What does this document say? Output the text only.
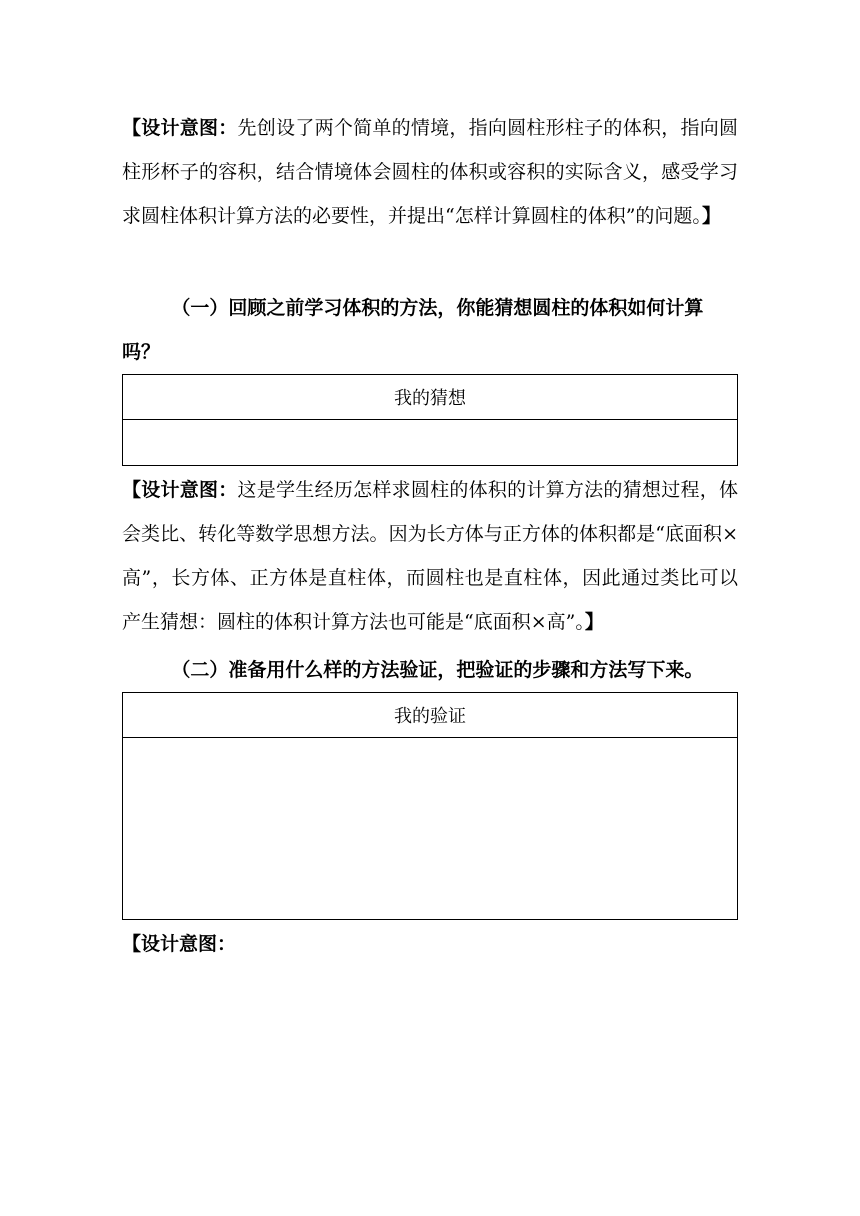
【设计意图：先创设了两个简单的情境，指向圆柱形柱子的体积，指向圆柱形杯子的容积，结合情境体会圆柱的体积或容积的实际含义，感受学习求圆柱体积计算方法的必要性，并提出“怎样计算圆柱的体积”的问题。】
（一）回顾之前学习体积的方法，你能猜想圆柱的体积如何计算吗？
我的猜想

【设计意图：这是学生经历怎样求圆柱的体积的计算方法的猜想过程，体会类比、转化等数学思想方法。因为长方体与正方体的体积都是“底面积×高”，长方体、正方体是直柱体，而圆柱也是直柱体，因此通过类比可以产生猜想：圆柱的体积计算方法也可能是“底面积×高”。】
（二）准备用什么样的方法验证，把验证的步骤和方法写下来。
我的验证

【设计意图：
